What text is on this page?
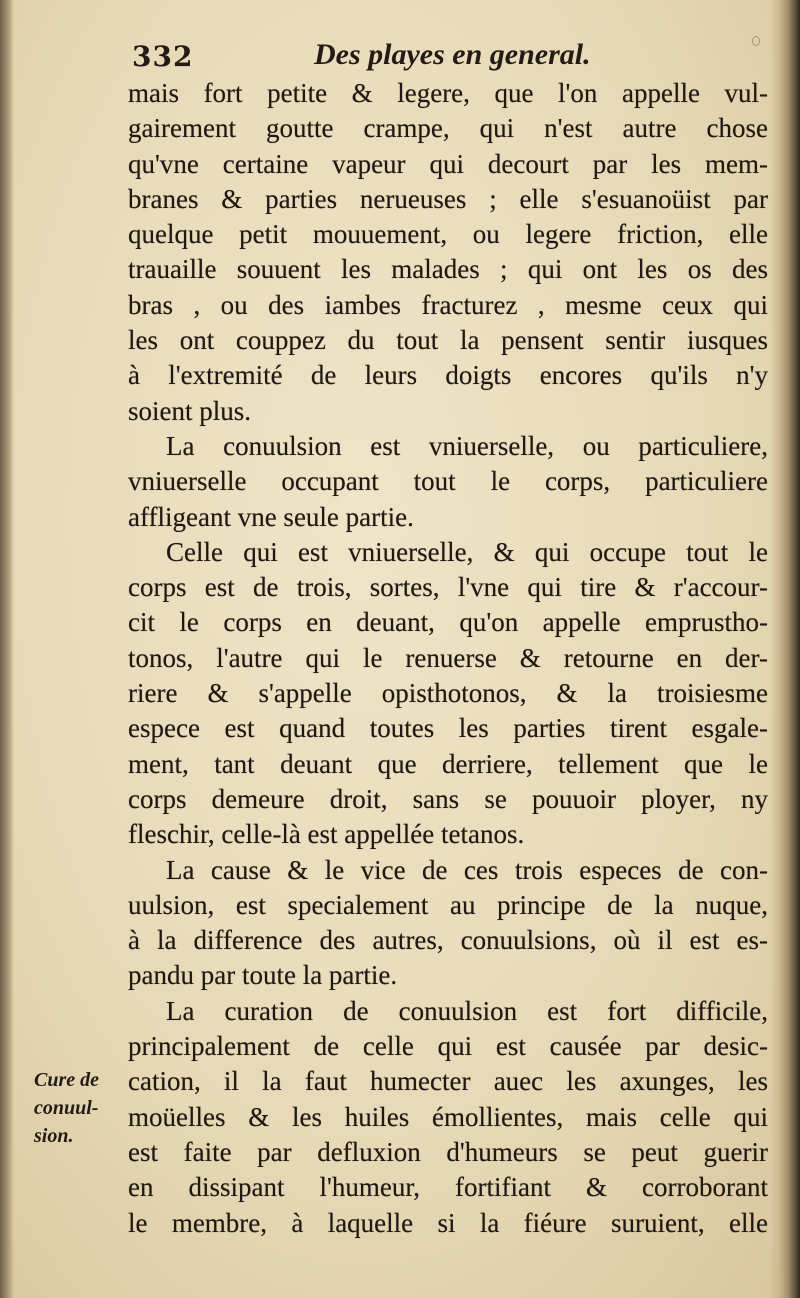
332	Des playes en general.
mais fort petite & legere, que l'on appelle vul-
gairement goutte crampe, qui n'est autre chose
qu'vne certaine vapeur qui decourt par les mem-
branes & parties nerueuses ; elle s'esuanoüist par
quelque petit mouuement, ou legere friction, elle
trauaille souuent les malades ; qui ont les os des
bras , ou des iambes fracturez , mesme ceux qui
les ont couppez du tout la pensent sentir iusques
à l'extremité de leurs doigts encores qu'ils n'y
soient plus.
La conuulsion est vniuerselle, ou particuliere,
vniuerselle occupant tout le corps, particuliere
affligeant vne seule partie.
Celle qui est vniuerselle, & qui occupe tout le
corps est de trois, sortes, l'vne qui tire & r'accour-
cit le corps en deuant, qu'on appelle emprustho-
tonos, l'autre qui le renuerse & retourne en der-
riere & s'appelle opisthotonos, & la troisiesme
espece est quand toutes les parties tirent esgale-
ment, tant deuant que derriere, tellement que le
corps demeure droit, sans se pouuoir ployer, ny
fleschir, celle-là est appellée tetanos.
La cause & le vice de ces trois especes de con-
uulsion, est specialement au principe de la nuque,
à la difference des autres, conuulsions, où il est es-
pandu par toute la partie.
La curation de conuulsion est fort difficile,
principalement de celle qui est causée par desic-
cation, il la faut humecter auec les axunges, les
moüelles & les huiles émollientes, mais celle qui
est faite par defluxion d'humeurs se peut guerir
en dissipant l'humeur, fortifiant & corroborant
le membre, à laquelle si la fiéure suruient, elle
Cure de
conuul-
sion.
